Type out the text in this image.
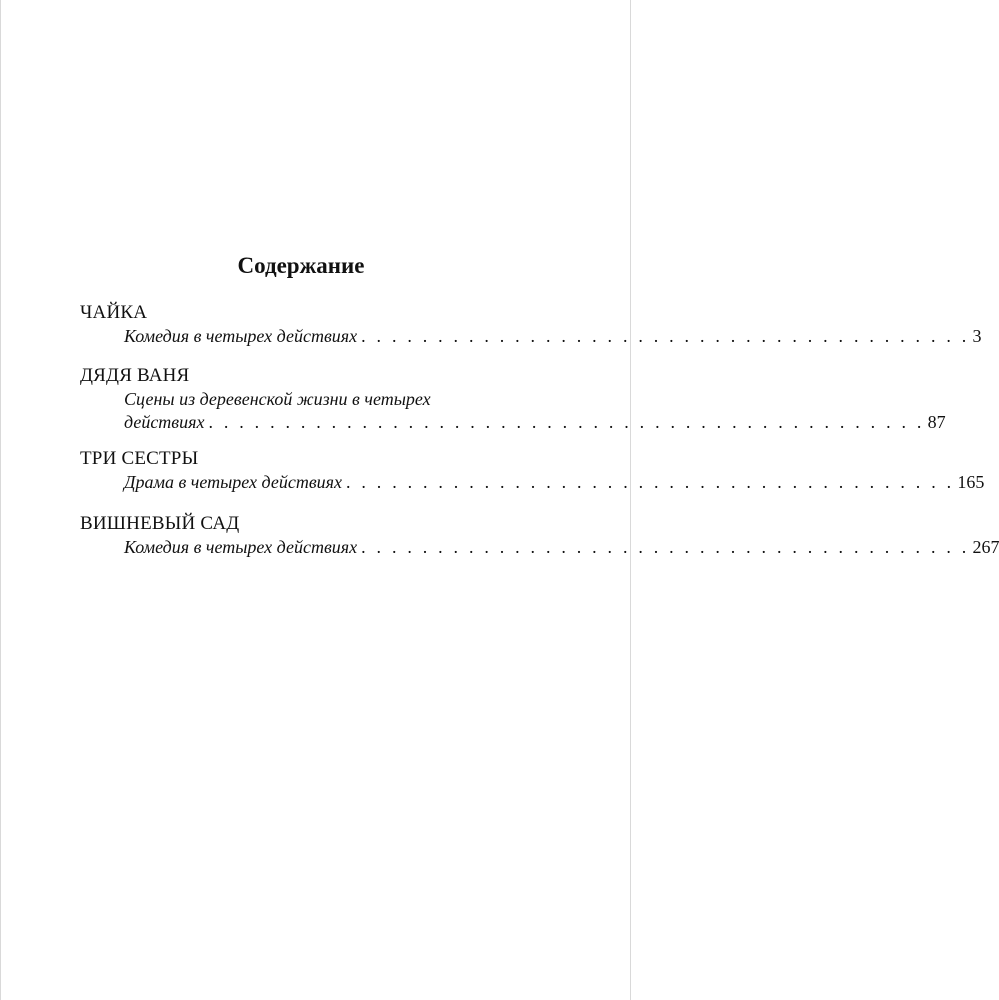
Содержание

ЧАЙКА

Комедия в четырех действиях . . . . . . . . . . . . . . . . . . . . . . . . . . . . . . . . . . . . . . . . 3

ДЯДЯ ВАНЯ

Сцены из деревенской жизни в четырех
действиях . . . . . . . . . . . . . . . . . . . . . . . . . . . . . . . . . . . . . . . . . . . . . . . 87

ТРИ СЕСТРЫ

Драма в четырех действиях . . . . . . . . . . . . . . . . . . . . . . . . . . . . . . . . . . . . . . . . 165

ВИШНЕВЫЙ САД

Комедия в четырех действиях . . . . . . . . . . . . . . . . . . . . . . . . . . . . . . . . . . . . . . . . 267
